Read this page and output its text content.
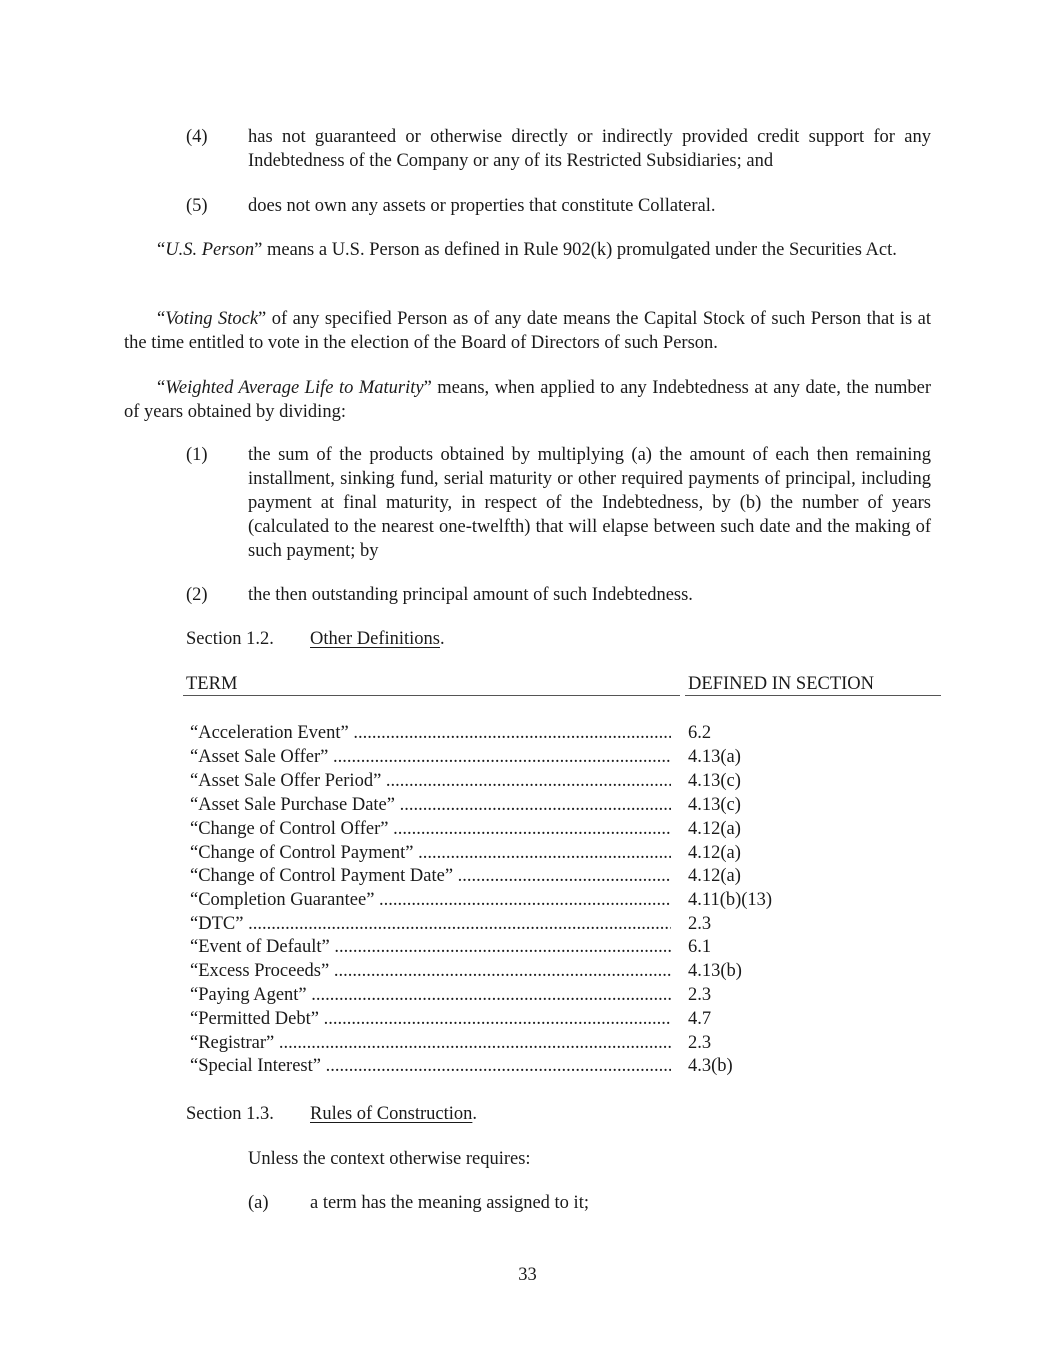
(4) has not guaranteed or otherwise directly or indirectly provided credit support for any Indebtedness of the Company or any of its Restricted Subsidiaries; and
(5) does not own any assets or properties that constitute Collateral.
“U.S. Person” means a U.S. Person as defined in Rule 902(k) promulgated under the Securities Act.
“Voting Stock” of any specified Person as of any date means the Capital Stock of such Person that is at the time entitled to vote in the election of the Board of Directors of such Person.
“Weighted Average Life to Maturity” means, when applied to any Indebtedness at any date, the number of years obtained by dividing:
(1) the sum of the products obtained by multiplying (a) the amount of each then remaining installment, sinking fund, serial maturity or other required payments of principal, including payment at final maturity, in respect of the Indebtedness, by (b) the number of years (calculated to the nearest one-twelfth) that will elapse between such date and the making of such payment; by
(2) the then outstanding principal amount of such Indebtedness.
Section 1.2. Other Definitions.
TERM	DEFINED IN SECTION
“Acceleration Event” .....	6.2
“Asset Sale Offer” .....	4.13(a)
“Asset Sale Offer Period” .....	4.13(c)
“Asset Sale Purchase Date” .....	4.13(c)
“Change of Control Offer” .....	4.12(a)
“Change of Control Payment” .....	4.12(a)
“Change of Control Payment Date” .....	4.12(a)
“Completion Guarantee” .....	4.11(b)(13)
“DTC” .....	2.3
“Event of Default” .....	6.1
“Excess Proceeds” .....	4.13(b)
“Paying Agent” .....	2.3
“Permitted Debt” .....	4.7
“Registrar” .....	2.3
“Special Interest” .....	4.3(b)
Section 1.3. Rules of Construction.
Unless the context otherwise requires:
(a) a term has the meaning assigned to it;
33
